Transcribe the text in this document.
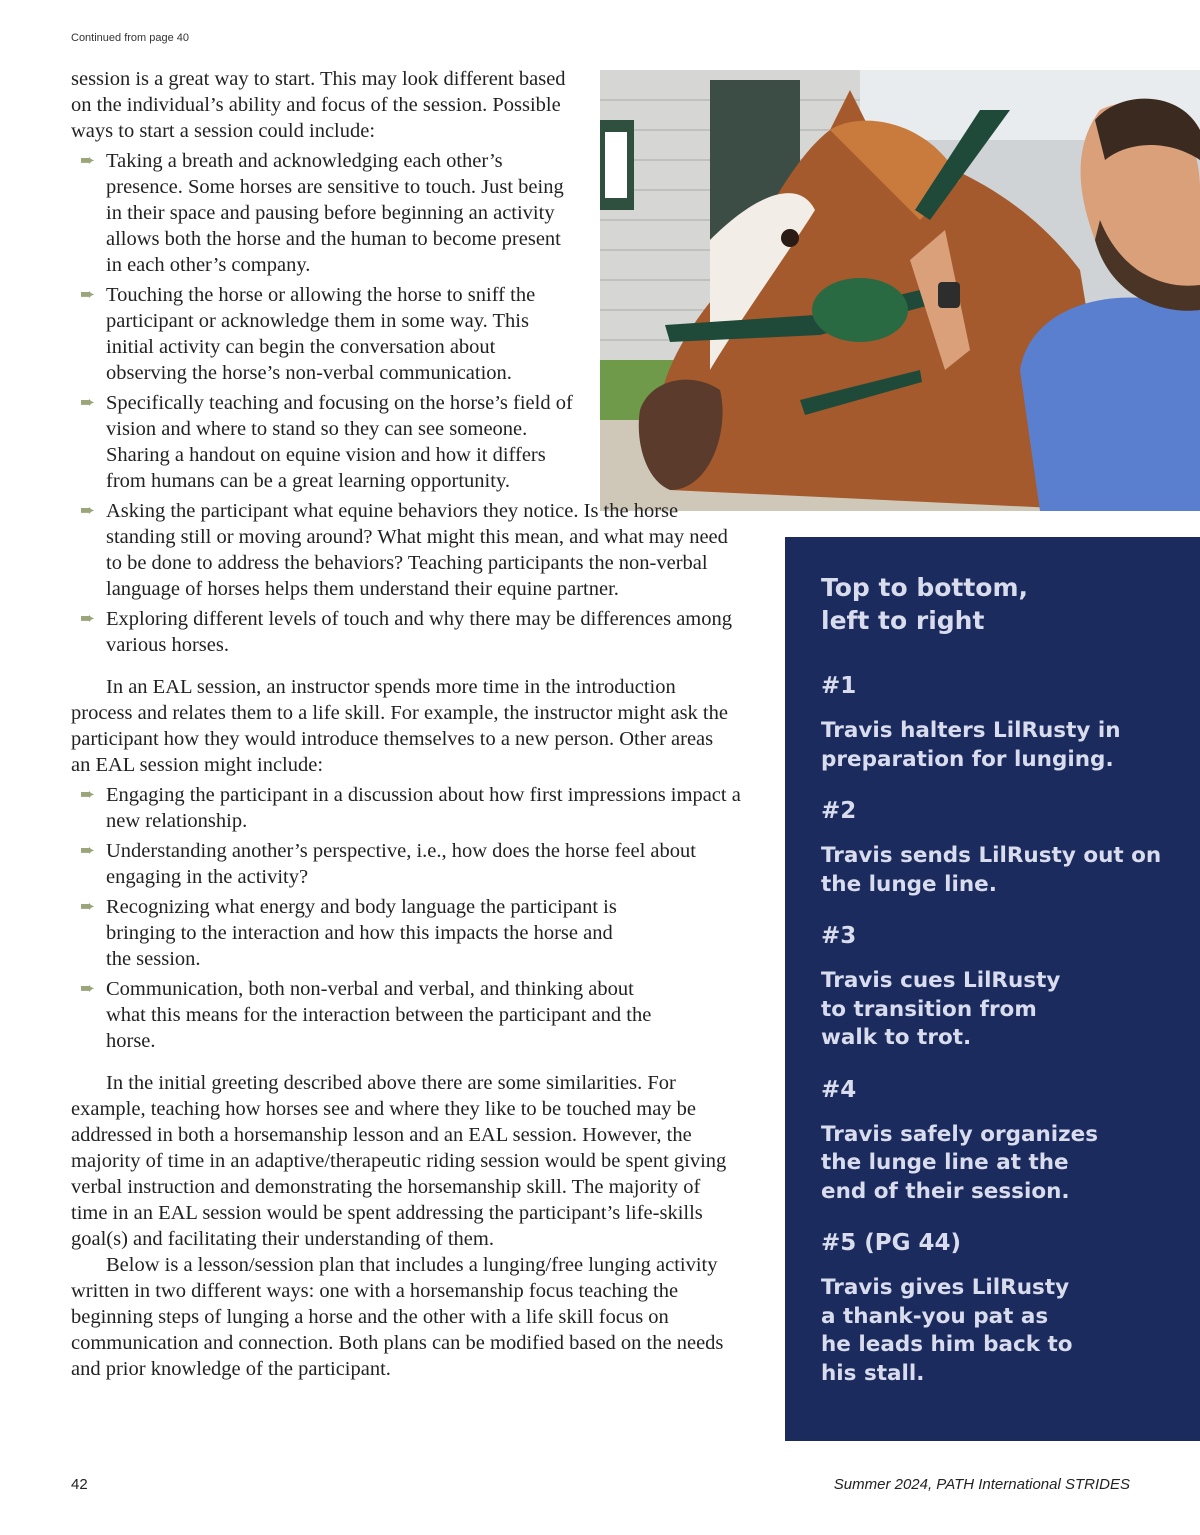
Continued from page 40

session is a great way to start. This may look different based on the individual’s ability and focus of the session. Possible ways to start a session could include:

➨ Taking a breath and acknowledging each other’s presence. Some horses are sensitive to touch. Just being in their space and pausing before beginning an activity allows both the horse and the human to become present in each other’s company.
➨ Touching the horse or allowing the horse to sniff the participant or acknowledge them in some way. This initial activity can begin the conversation about observing the horse’s non-verbal communication.
➨ Specifically teaching and focusing on the horse’s field of vision and where to stand so they can see someone. Sharing a handout on equine vision and how it differs from humans can be a great learning opportunity.
➨ Asking the participant what equine behaviors they notice. Is the horse standing still or moving around? What might this mean, and what may need to be done to address the behaviors? Teaching participants the non-verbal language of horses helps them understand their equine partner.
➨ Exploring different levels of touch and why there may be differences among various horses.

In an EAL session, an instructor spends more time in the introduction process and relates them to a life skill. For example, the instructor might ask the participant how they would introduce themselves to a new person. Other areas an EAL session might include:

➨ Engaging the participant in a discussion about how first impressions impact a new relationship.
➨ Understanding another’s perspective, i.e., how does the horse feel about engaging in the activity?
➨ Recognizing what energy and body language the participant is bringing to the interaction and how this impacts the horse and the session.
➨ Communication, both non-verbal and verbal, and thinking about what this means for the interaction between the participant and the horse.

In the initial greeting described above there are some similarities. For example, teaching how horses see and where they like to be touched may be addressed in both a horsemanship lesson and an EAL session. However, the majority of time in an adaptive/therapeutic riding session would be spent giving verbal instruction and demonstrating the horsemanship skill. The majority of time in an EAL session would be spent addressing the participant’s life-skills goal(s) and facilitating their understanding of them.

Below is a lesson/session plan that includes a lunging/free lunging activity written in two different ways: one with a horsemanship focus teaching the beginning steps of lunging a horse and the other with a life skill focus on communication and connection. Both plans can be modified based on the needs and prior knowledge of the participant.

Top to bottom, left to right

#1

Travis halters LilRusty in preparation for lunging.

#2

Travis sends LilRusty out on the lunge line.

#3

Travis cues LilRusty to transition from walk to trot.

#4

Travis safely organizes the lunge line at the end of their session.

#5 (PG 44)

Travis gives LilRusty a thank-you pat as he leads him back to his stall.

42	Summer 2024, PATH International STRIDES
